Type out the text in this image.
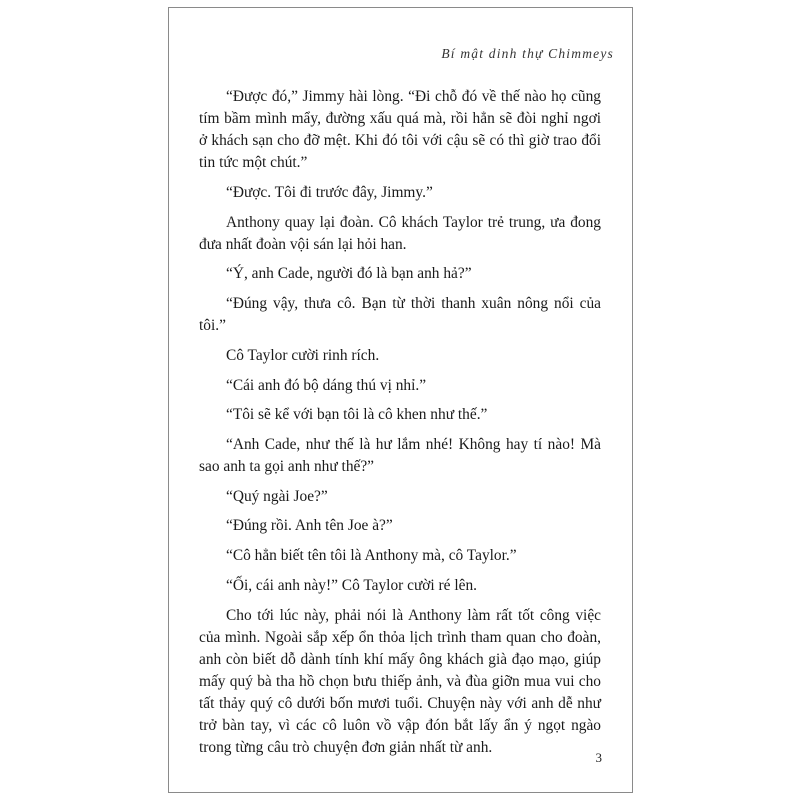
Bí mật dinh thự Chimmeys

“Được đó,” Jimmy hài lòng. “Đi chỗ đó về thế nào họ cũng tím bầm mình mẩy, đường xấu quá mà, rồi hẳn sẽ đòi nghỉ ngơi ở khách sạn cho đỡ mệt. Khi đó tôi với cậu sẽ có thì giờ trao đổi tin tức một chút.”

“Được. Tôi đi trước đây, Jimmy.”

Anthony quay lại đoàn. Cô khách Taylor trẻ trung, ưa đong đưa nhất đoàn vội sán lại hỏi han.

“Ý, anh Cade, người đó là bạn anh hả?”

“Đúng vậy, thưa cô. Bạn từ thời thanh xuân nông nổi của tôi.”

Cô Taylor cười rinh rích.

“Cái anh đó bộ dáng thú vị nhỉ.”

“Tôi sẽ kể với bạn tôi là cô khen như thế.”

“Anh Cade, như thế là hư lắm nhé! Không hay tí nào! Mà sao anh ta gọi anh như thế?”

“Quý ngài Joe?”

“Đúng rồi. Anh tên Joe à?”

“Cô hẳn biết tên tôi là Anthony mà, cô Taylor.”

“Ối, cái anh này!” Cô Taylor cười ré lên.

Cho tới lúc này, phải nói là Anthony làm rất tốt công việc của mình. Ngoài sắp xếp ổn thỏa lịch trình tham quan cho đoàn, anh còn biết dỗ dành tính khí mấy ông khách già đạo mạo, giúp mấy quý bà tha hồ chọn bưu thiếp ảnh, và đùa giỡn mua vui cho tất thảy quý cô dưới bốn mươi tuổi. Chuyện này với anh dễ như trở bàn tay, vì các cô luôn vồ vập đón bắt lấy ẩn ý ngọt ngào trong từng câu trò chuyện đơn giản nhất từ anh.

3
